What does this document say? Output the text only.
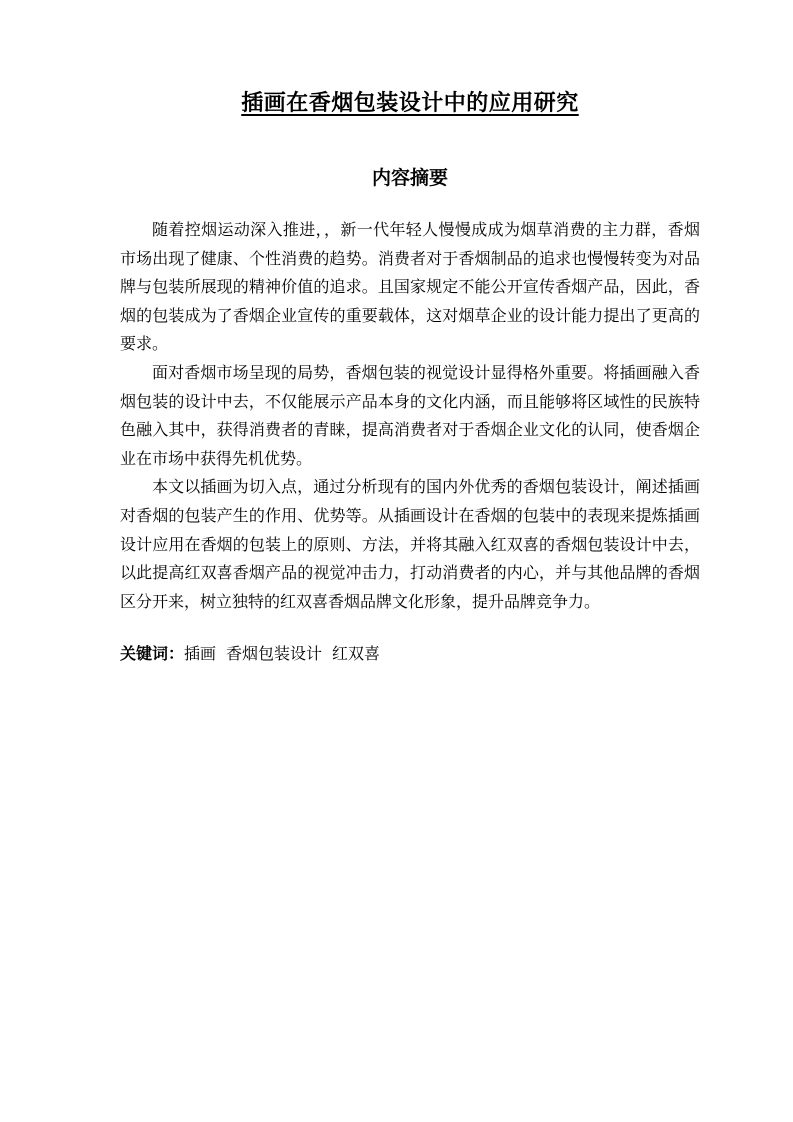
插画在香烟包装设计中的应用研究
内容摘要

随着控烟运动深入推进，，新一代年轻人慢慢成成为烟草消费的主力群，香烟市场出现了健康、个性消费的趋势。消费者对于香烟制品的追求也慢慢转变为对品牌与包装所展现的精神价值的追求。且国家规定不能公开宣传香烟产品，因此，香烟的包装成为了香烟企业宣传的重要载体，这对烟草企业的设计能力提出了更高的要求。

面对香烟市场呈现的局势，香烟包装的视觉设计显得格外重要。将插画融入香烟包装的设计中去，不仅能展示产品本身的文化内涵，而且能够将区域性的民族特色融入其中，获得消费者的青睐，提高消费者对于香烟企业文化的认同，使香烟企业在市场中获得先机优势。

本文以插画为切入点，通过分析现有的国内外优秀的香烟包装设计，阐述插画对香烟的包装产生的作用、优势等。从插画设计在香烟的包装中的表现来提炼插画设计应用在香烟的包装上的原则、方法，并将其融入红双喜的香烟包装设计中去，以此提高红双喜香烟产品的视觉冲击力，打动消费者的内心，并与其他品牌的香烟区分开来，树立独特的红双喜香烟品牌文化形象，提升品牌竞争力。

关键词：插画 香烟包装设计 红双喜
